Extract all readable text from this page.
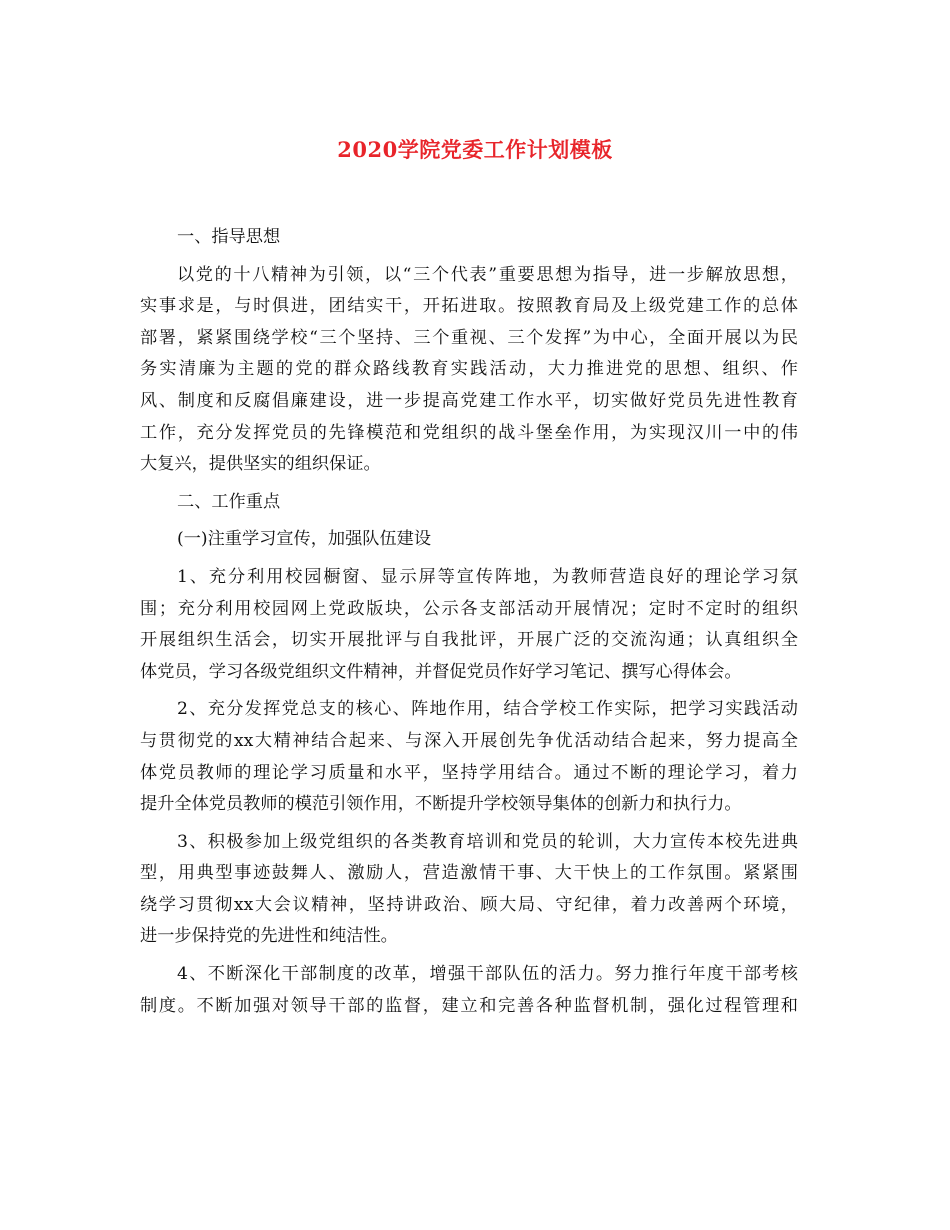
2020学院党委工作计划模板
一、指导思想
以党的十八精神为引领，以“三个代表”重要思想为指导，进一步解放思想，
实事求是，与时俱进，团结实干，开拓进取。按照教育局及上级党建工作的总体
部署，紧紧围绕学校“三个坚持、三个重视、三个发挥”为中心，全面开展以为民
务实清廉为主题的党的群众路线教育实践活动，大力推进党的思想、组织、作
风、制度和反腐倡廉建设，进一步提高党建工作水平，切实做好党员先进性教育
工作，充分发挥党员的先锋模范和党组织的战斗堡垒作用，为实现汉川一中的伟
大复兴，提供坚实的组织保证。
二、工作重点
(一)注重学习宣传，加强队伍建设
1、充分利用校园橱窗、显示屏等宣传阵地，为教师营造良好的理论学习氛
围；充分利用校园网上党政版块，公示各支部活动开展情况；定时不定时的组织
开展组织生活会，切实开展批评与自我批评，开展广泛的交流沟通；认真组织全
体党员，学习各级党组织文件精神，并督促党员作好学习笔记、撰写心得体会。
2、充分发挥党总支的核心、阵地作用，结合学校工作实际，把学习实践活动
与贯彻党的xx大精神结合起来、与深入开展创先争优活动结合起来，努力提高全
体党员教师的理论学习质量和水平，坚持学用结合。通过不断的理论学习，着力
提升全体党员教师的模范引领作用，不断提升学校领导集体的创新力和执行力。
3、积极参加上级党组织的各类教育培训和党员的轮训，大力宣传本校先进典
型，用典型事迹鼓舞人、激励人，营造激情干事、大干快上的工作氛围。紧紧围
绕学习贯彻xx大会议精神，坚持讲政治、顾大局、守纪律，着力改善两个环境，
进一步保持党的先进性和纯洁性。
4、不断深化干部制度的改革，增强干部队伍的活力。努力推行年度干部考核
制度。不断加强对领导干部的监督，建立和完善各种监督机制，强化过程管理和
